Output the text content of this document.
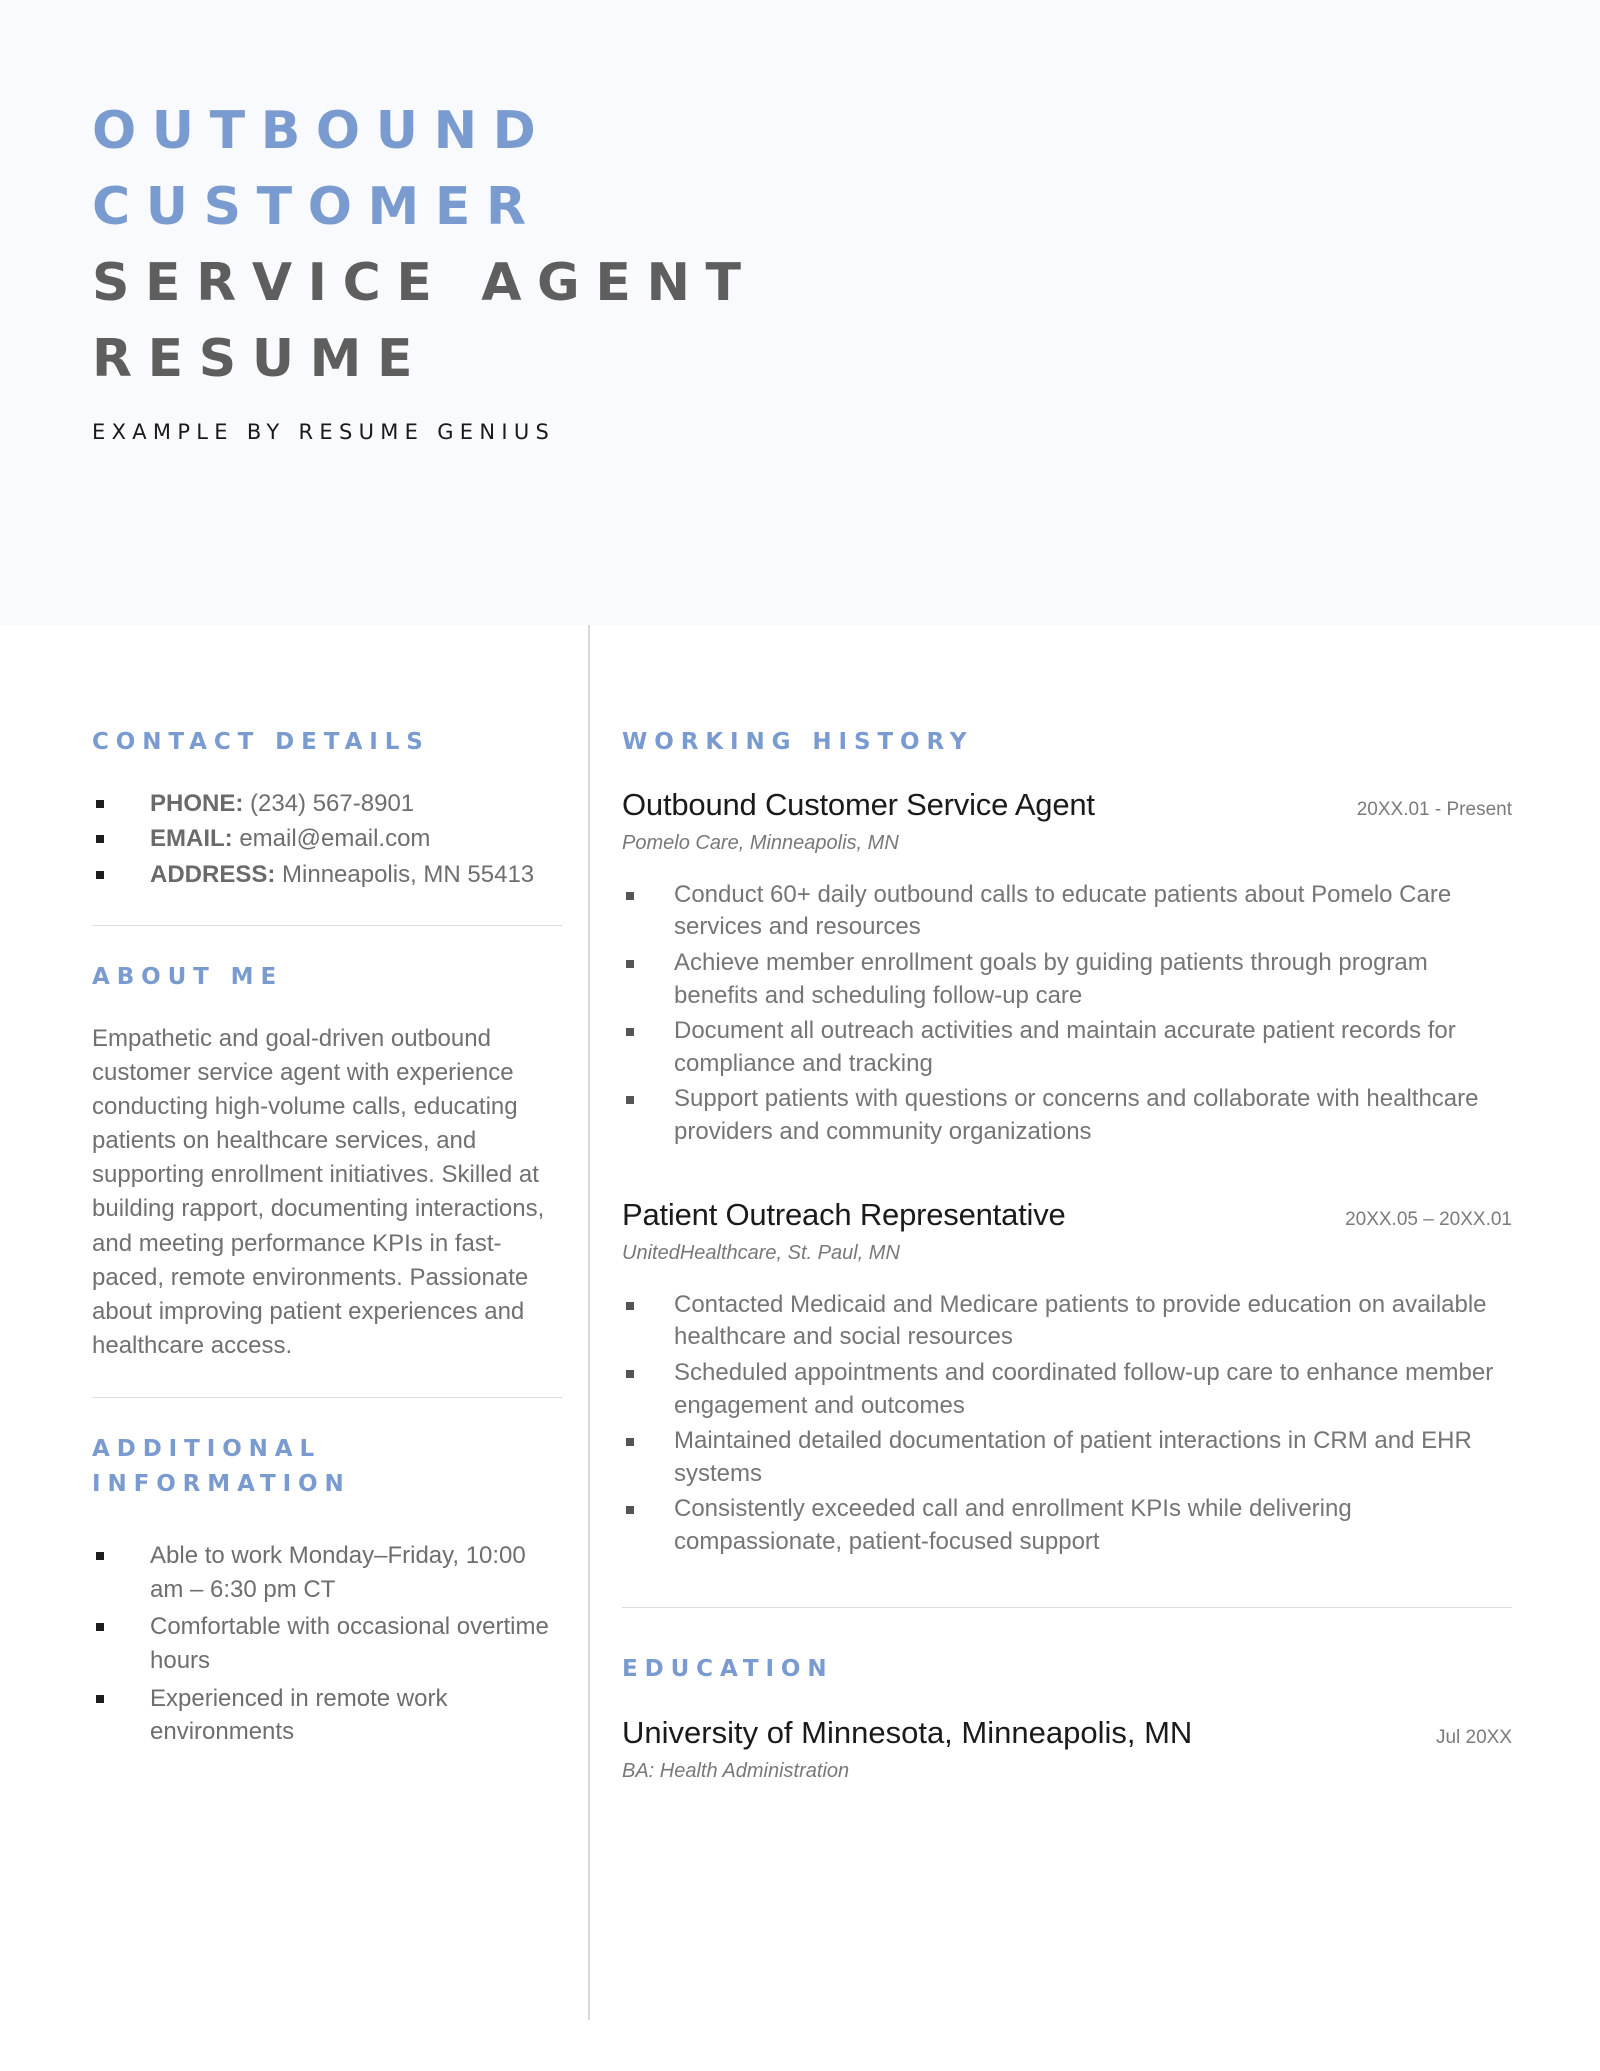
OUTBOUND
CUSTOMER
SERVICE AGENT
RESUME
EXAMPLE BY RESUME GENIUS
CONTACT DETAILS
PHONE: (234) 567-8901
EMAIL: email@email.com
ADDRESS: Minneapolis, MN 55413
ABOUT ME

Empathetic and goal-driven outbound customer service agent with experience conducting high-volume calls, educating patients on healthcare services, and supporting enrollment initiatives. Skilled at building rapport, documenting interactions, and meeting performance KPIs in fast-paced, remote environments. Passionate about improving patient experiences and healthcare access.

ADDITIONAL
INFORMATION
Able to work Monday–Friday, 10:00 am – 6:30 pm CT
Comfortable with occasional overtime hours
Experienced in remote work environments
WORKING HISTORY
Outbound Customer Service Agent	20XX.01 - Present
Pomelo Care, Minneapolis, MN
Conduct 60+ daily outbound calls to educate patients about Pomelo Care services and resources
Achieve member enrollment goals by guiding patients through program benefits and scheduling follow-up care
Document all outreach activities and maintain accurate patient records for compliance and tracking
Support patients with questions or concerns and collaborate with healthcare providers and community organizations
Patient Outreach Representative	20XX.05 – 20XX.01
UnitedHealthcare, St. Paul, MN
Contacted Medicaid and Medicare patients to provide education on available healthcare and social resources
Scheduled appointments and coordinated follow-up care to enhance member engagement and outcomes
Maintained detailed documentation of patient interactions in CRM and EHR systems
Consistently exceeded call and enrollment KPIs while delivering compassionate, patient-focused support
EDUCATION
University of Minnesota, Minneapolis, MN	Jul 20XX
BA: Health Administration
